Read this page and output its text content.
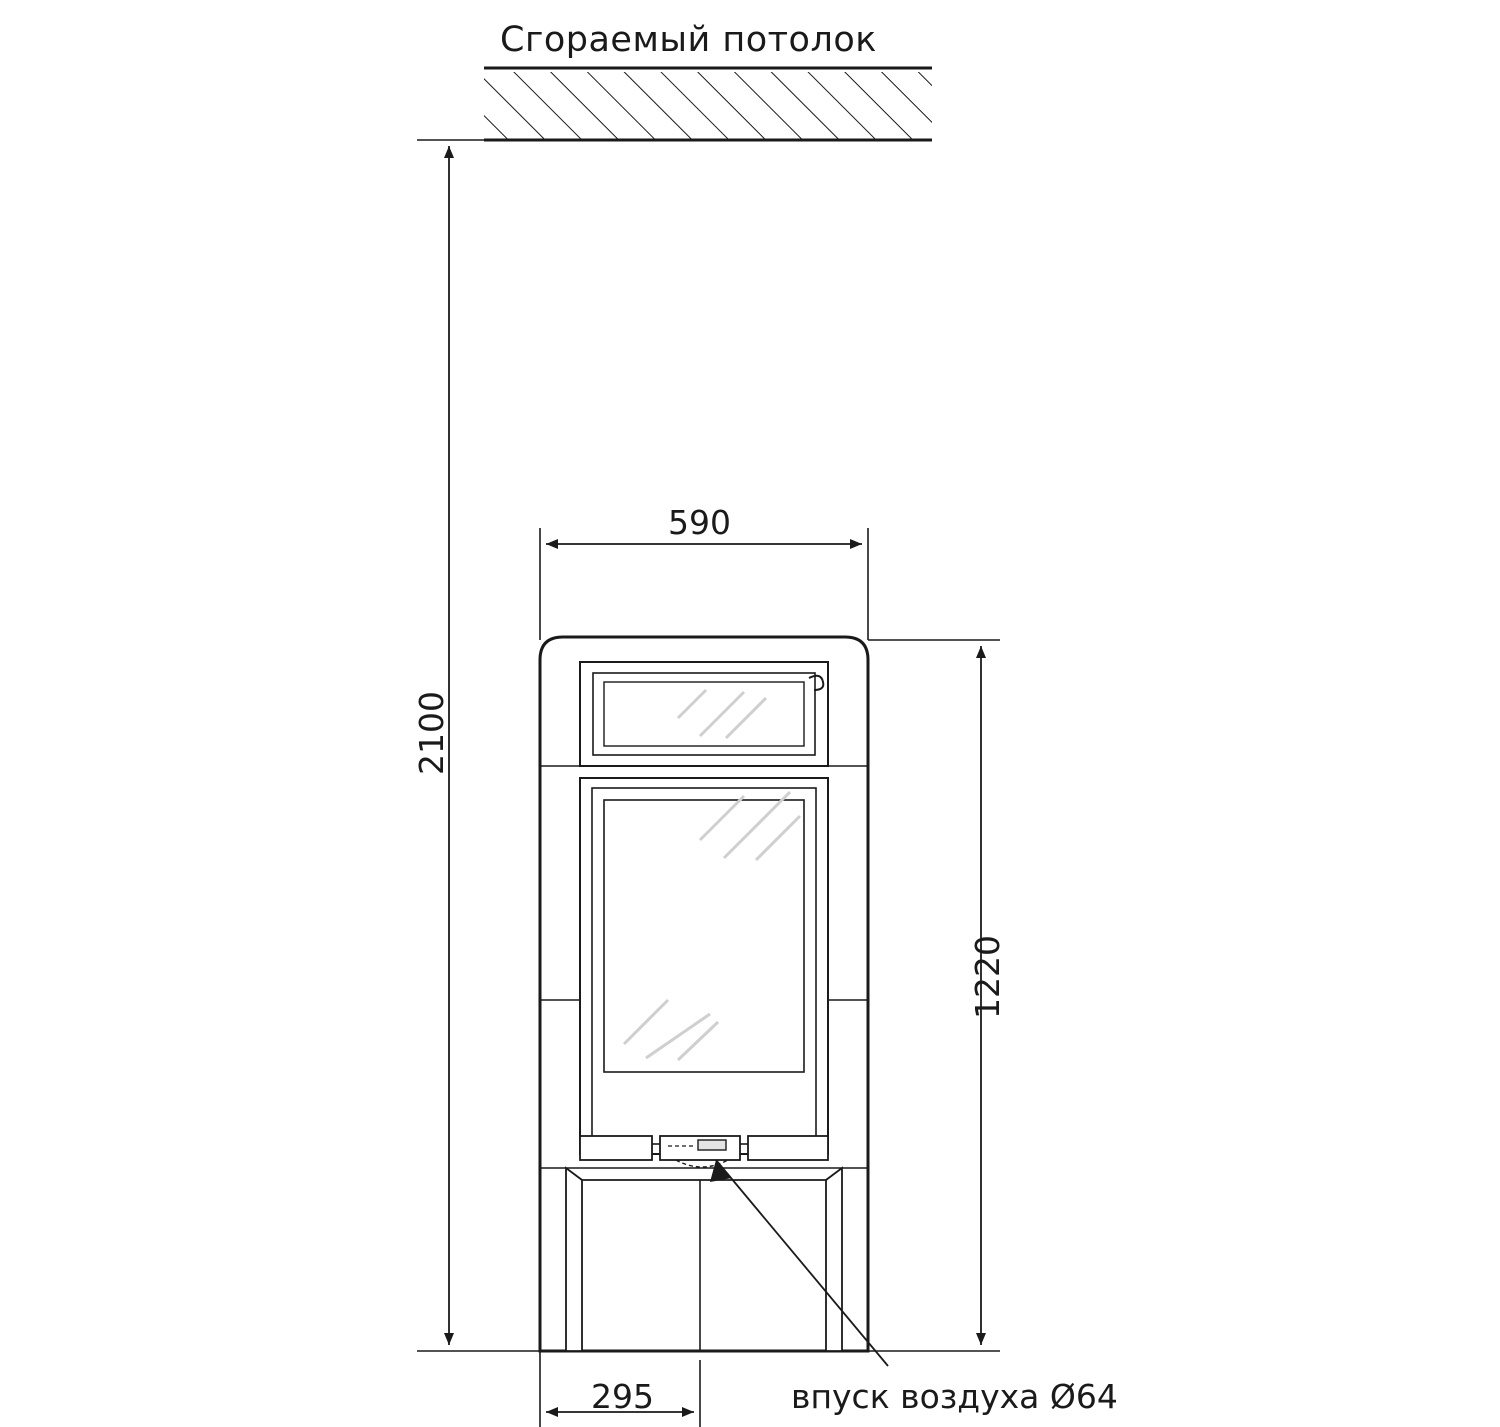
Сгораемый потолок
590
2100
1220
295	впуск воздуха Ø64
